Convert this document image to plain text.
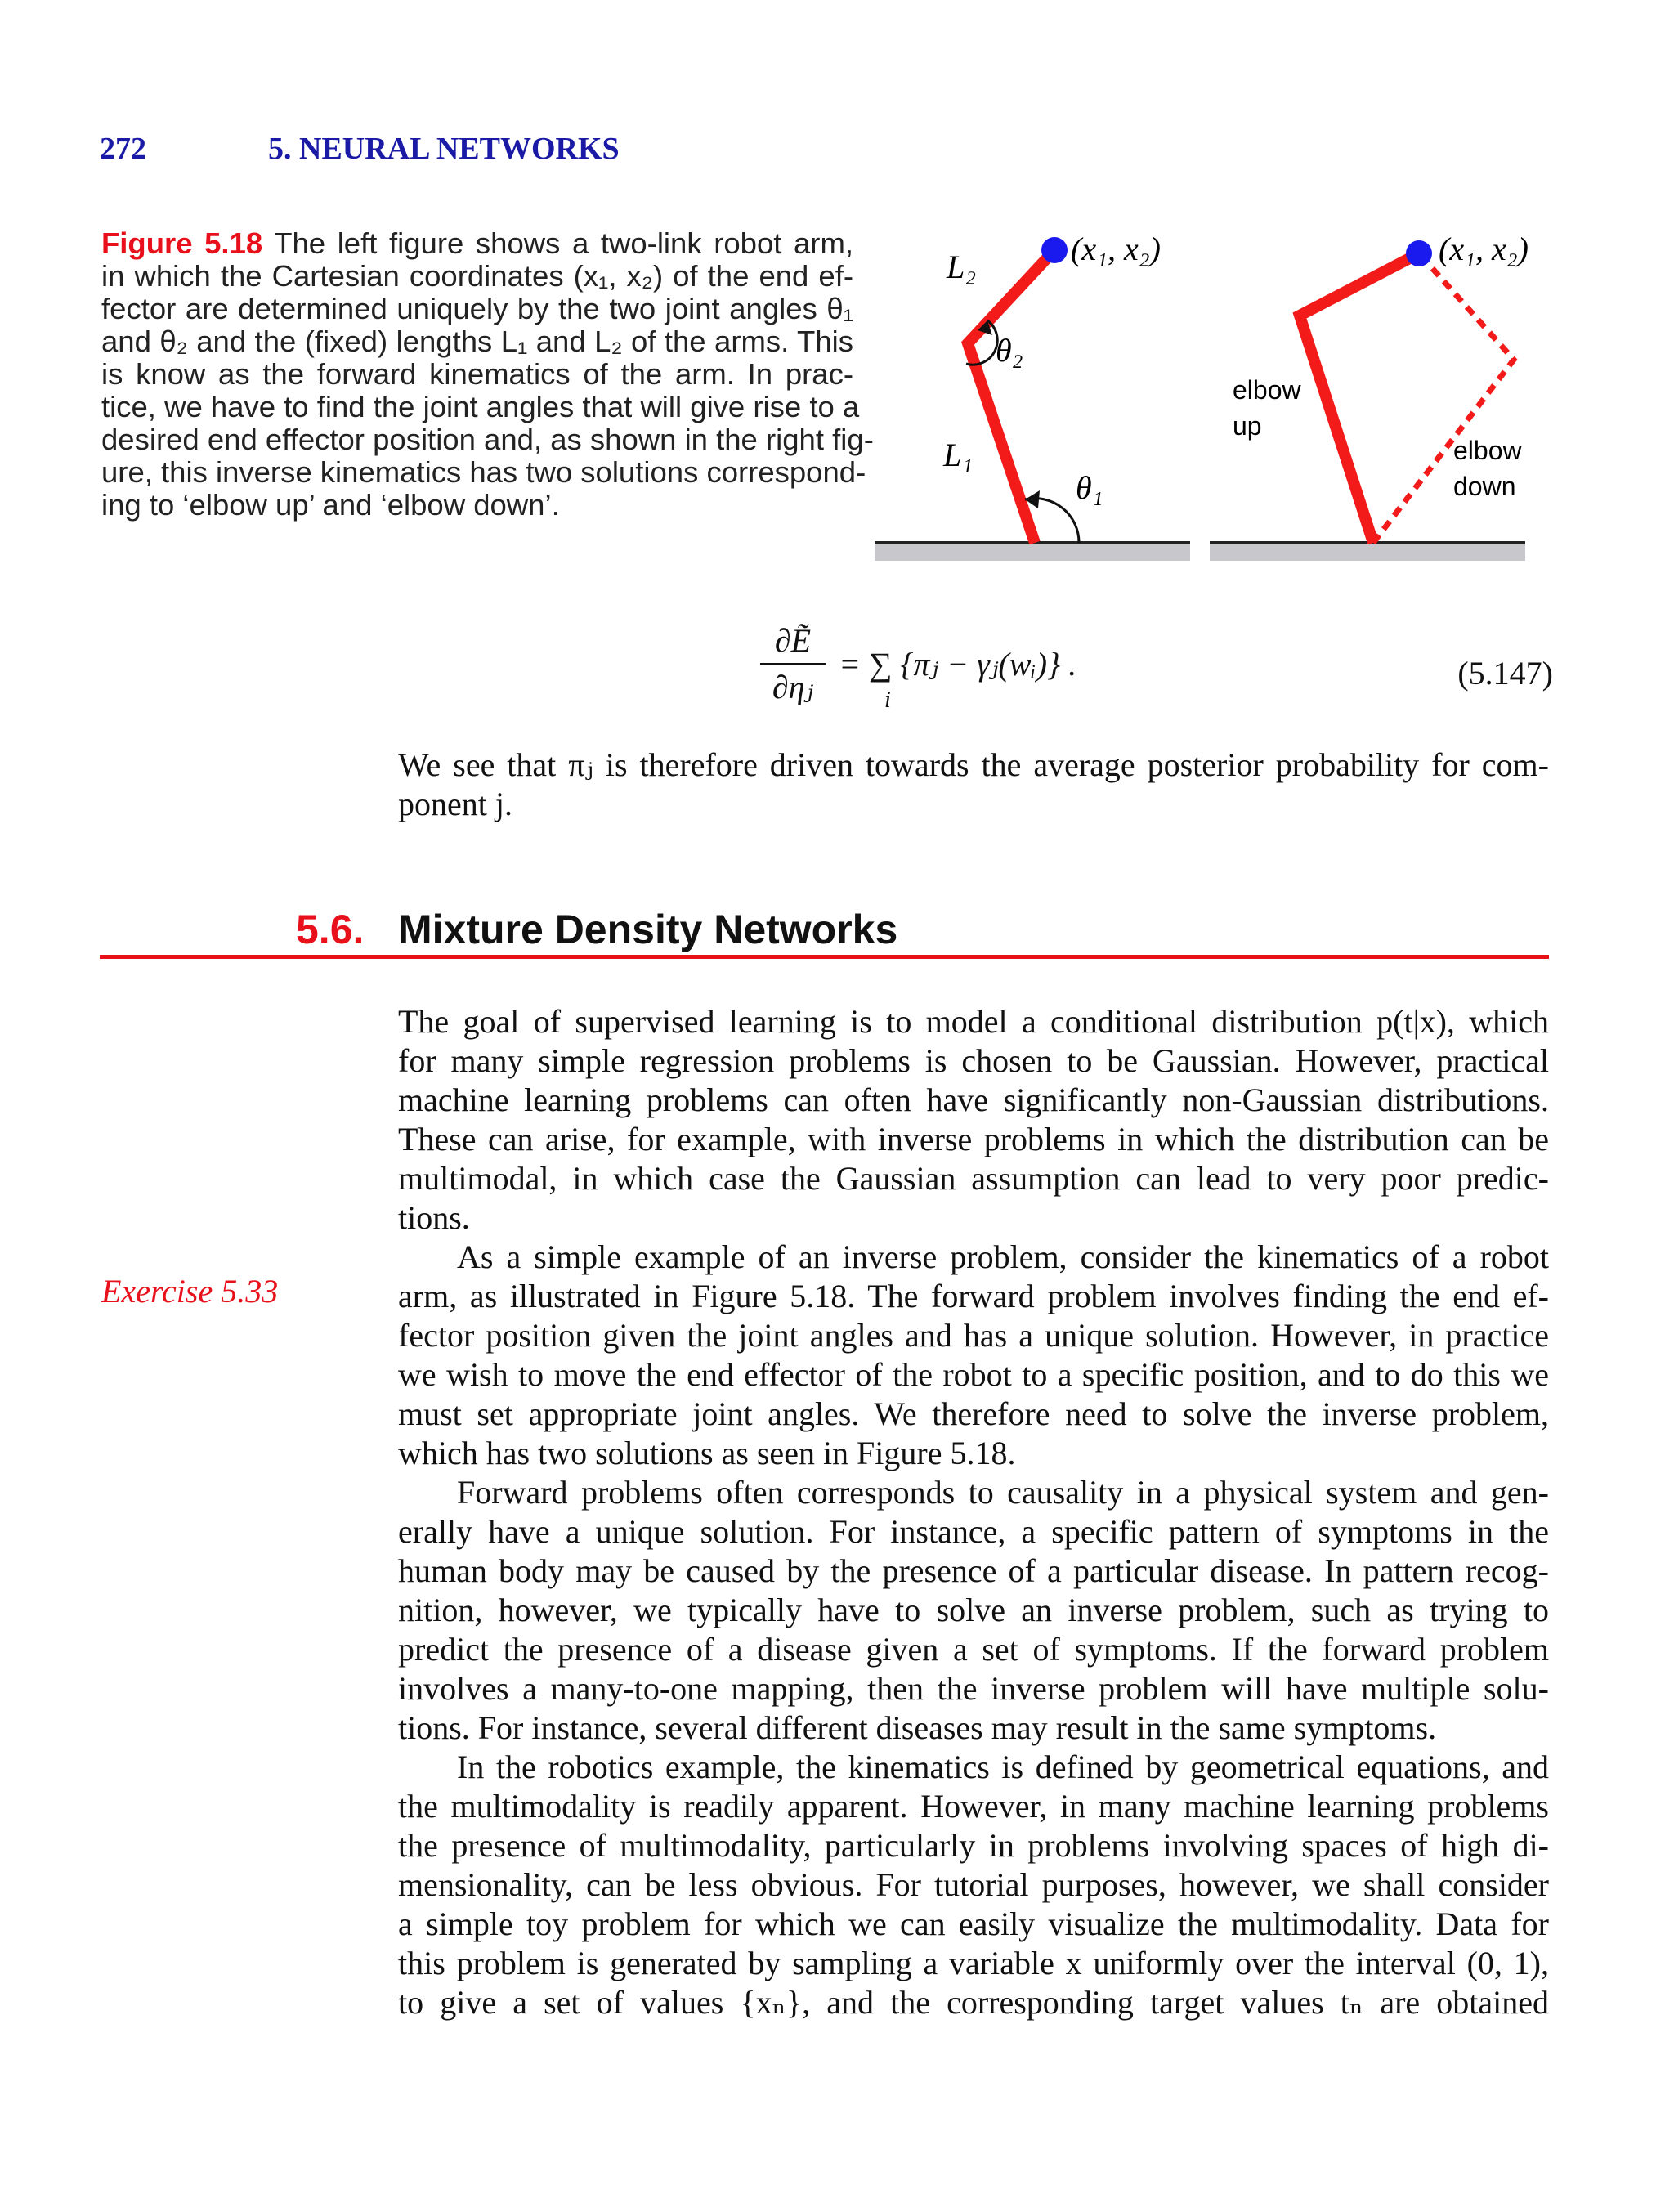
272	5. NEURAL NETWORKS
Figure 5.18 The left figure shows a two-link robot arm,
in which the Cartesian coordinates (x₁, x₂) of the end ef-
fector are determined uniquely by the two joint angles θ₁
and θ₂ and the (fixed) lengths L₁ and L₂ of the arms. This
is know as the forward kinematics of the arm. In prac-
tice, we have to find the joint angles that will give rise to a
desired end effector position and, as shown in the right fig-
ure, this inverse kinematics has two solutions correspond-
ing to ‘elbow up’ and ‘elbow down’.
(x₁, x₂)
L₂
L₁
θ₂
θ₁
(x₁, x₂)
elbow
up
elbow
down
∂Ẽ
∂ηⱼ
= ∑ {πⱼ − γⱼ(wᵢ)} .
i
(5.147)
We see that πⱼ is therefore driven towards the average posterior probability for com-
ponent j.
5.6. Mixture Density Networks
Exercise 5.33
The goal of supervised learning is to model a conditional distribution p(t|x), which
for many simple regression problems is chosen to be Gaussian. However, practical
machine learning problems can often have significantly non-Gaussian distributions.
These can arise, for example, with inverse problems in which the distribution can be
multimodal, in which case the Gaussian assumption can lead to very poor predic-
tions.
As a simple example of an inverse problem, consider the kinematics of a robot
arm, as illustrated in Figure 5.18. The forward problem involves finding the end ef-
fector position given the joint angles and has a unique solution. However, in practice
we wish to move the end effector of the robot to a specific position, and to do this we
must set appropriate joint angles. We therefore need to solve the inverse problem,
which has two solutions as seen in Figure 5.18.
Forward problems often corresponds to causality in a physical system and gen-
erally have a unique solution. For instance, a specific pattern of symptoms in the
human body may be caused by the presence of a particular disease. In pattern recog-
nition, however, we typically have to solve an inverse problem, such as trying to
predict the presence of a disease given a set of symptoms. If the forward problem
involves a many-to-one mapping, then the inverse problem will have multiple solu-
tions. For instance, several different diseases may result in the same symptoms.
In the robotics example, the kinematics is defined by geometrical equations, and
the multimodality is readily apparent. However, in many machine learning problems
the presence of multimodality, particularly in problems involving spaces of high di-
mensionality, can be less obvious. For tutorial purposes, however, we shall consider
a simple toy problem for which we can easily visualize the multimodality. Data for
this problem is generated by sampling a variable x uniformly over the interval (0, 1),
to give a set of values {xₙ}, and the corresponding target values tₙ are obtained
